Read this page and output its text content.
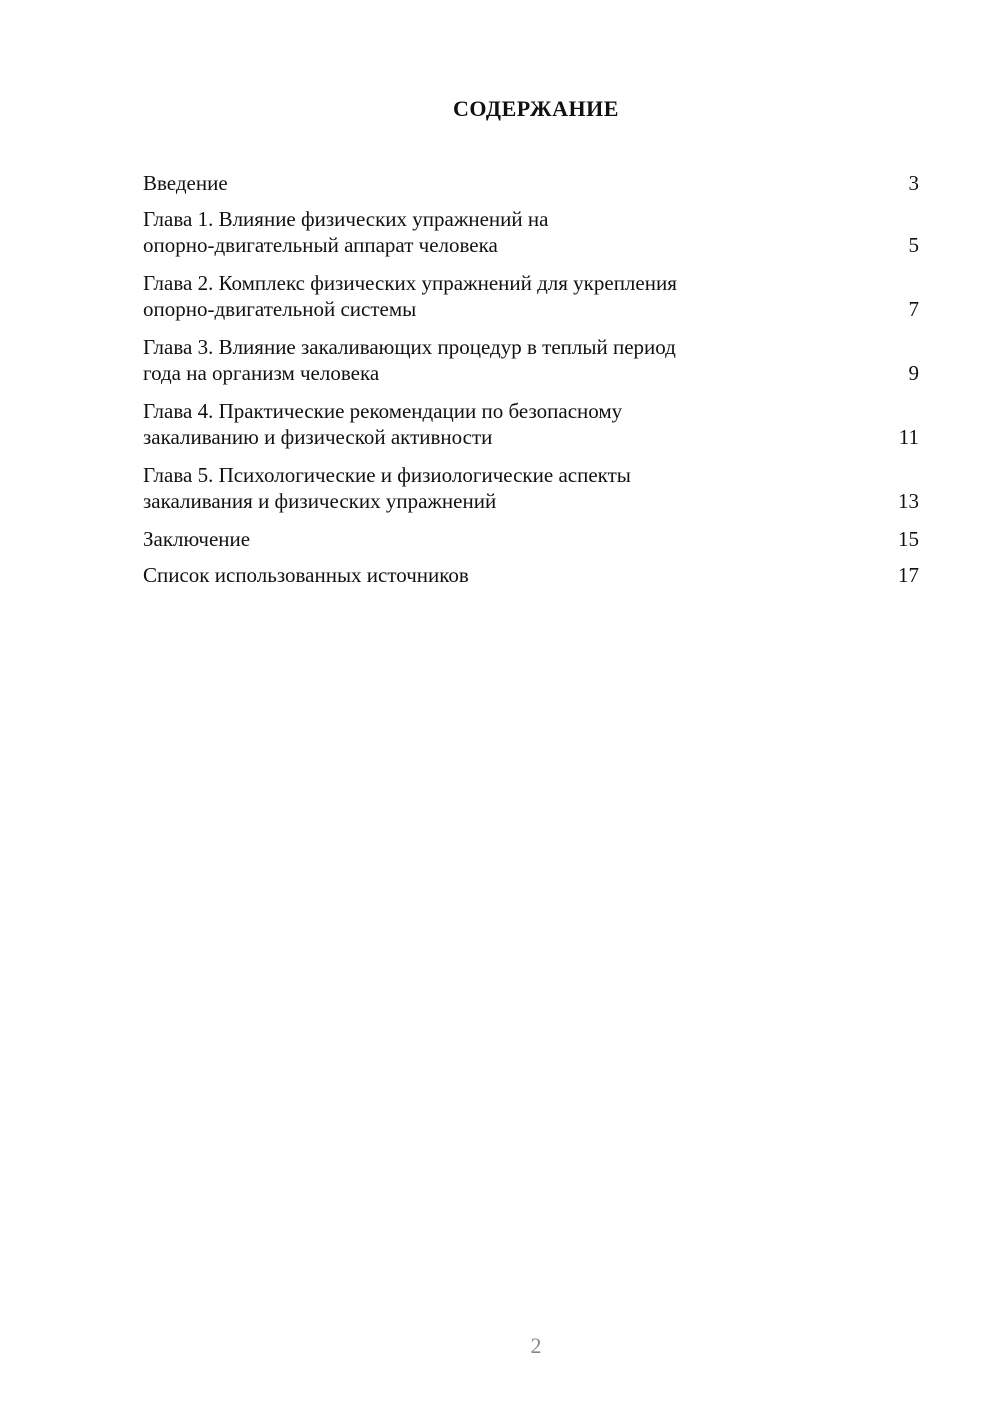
СОДЕРЖАНИЕ
Введение	3
Глава 1. Влияние физических упражнений на
опорно-двигательный аппарат человека	5
Глава 2. Комплекс физических упражнений для укрепления
опорно-двигательной системы	7
Глава 3. Влияние закаливающих процедур в теплый период
года на организм человека	9
Глава 4. Практические рекомендации по безопасному
закаливанию и физической активности	11
Глава 5. Психологические и физиологические аспекты
закаливания и физических упражнений	13
Заключение	15
Список использованных источников	17
2
